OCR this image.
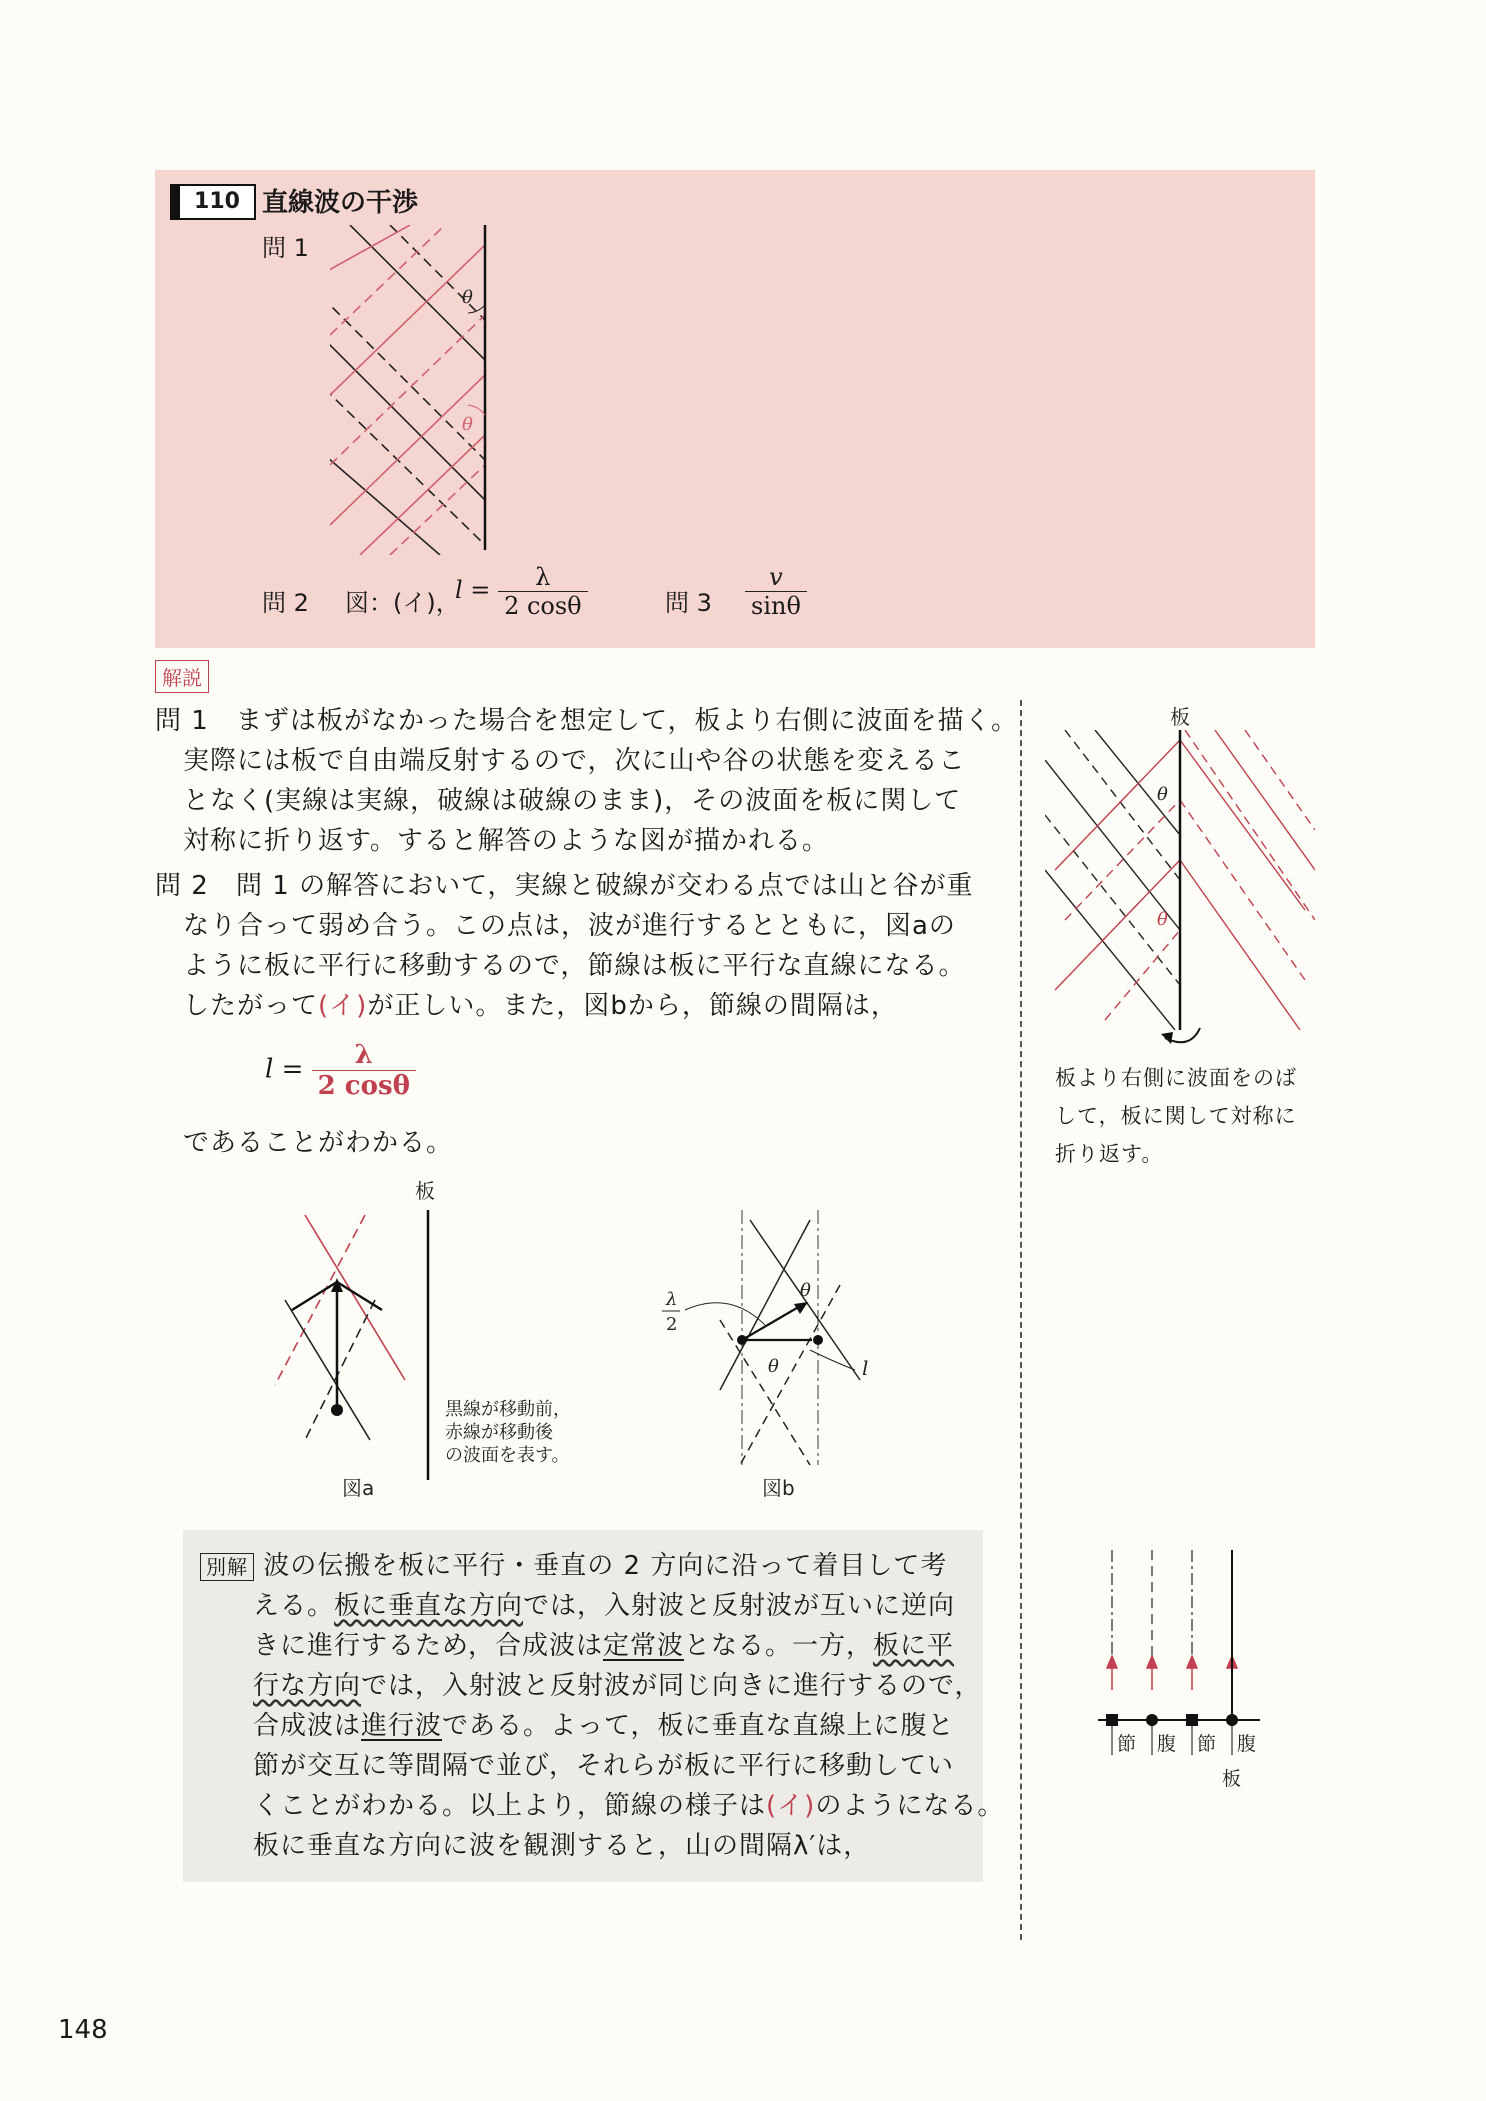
110 直線波の干渉
問 1
θ
θ
問 2 図：(イ)，
$l = \frac{\lambda}{2 \cos\theta}$	問 $3 \frac{v}{\sin\theta}$
解説
問 1 まずは板がなかった場合を想定して，板より右側に波面を描く。
実際には板で自由端反射するので，次に山や谷の状態を変えるこ
となく(実線は実線，破線は破線のまま)，その波面を板に関して
対称に折り返す。すると解答のような図が描かれる。
問 2 問 1 の解答において，実線と破線が交わる点では山と谷が重
なり合って弱め合う。この点は，波が進行するとともに，図aの
ように板に平行に移動するので，節線は板に平行な直線になる。
したがって(イ)が正しい。また，図bから，節線の間隔は，
$l = \frac{\lambda}{2 \cos\theta}$
であることがわかる。
板
黒線が移動前，
赤線が移動後
の波面を表す。
図a
λ
2
θ
θ	l
図b
板
θ
θ
板より右側に波面をのば
して，板に関して対称に
折り返す。
別解 波の伝搬を板に平行・垂直の 2 方向に沿って着目して考
える。板に垂直な方向では，入射波と反射波が互いに逆向
きに進行するため，合成波は定常波となる。一方，板に平
行な方向では，入射波と反射波が同じ向きに進行するので，
合成波は進行波である。よって，板に垂直な直線上に腹と
節が交互に等間隔で並び，それらが板に平行に移動してい
くことがわかる。以上より，節線の様子は(イ)のようになる。
板に垂直な方向に波を観測すると，山の間隔λ′は，
節 腹 節 腹
板
148
